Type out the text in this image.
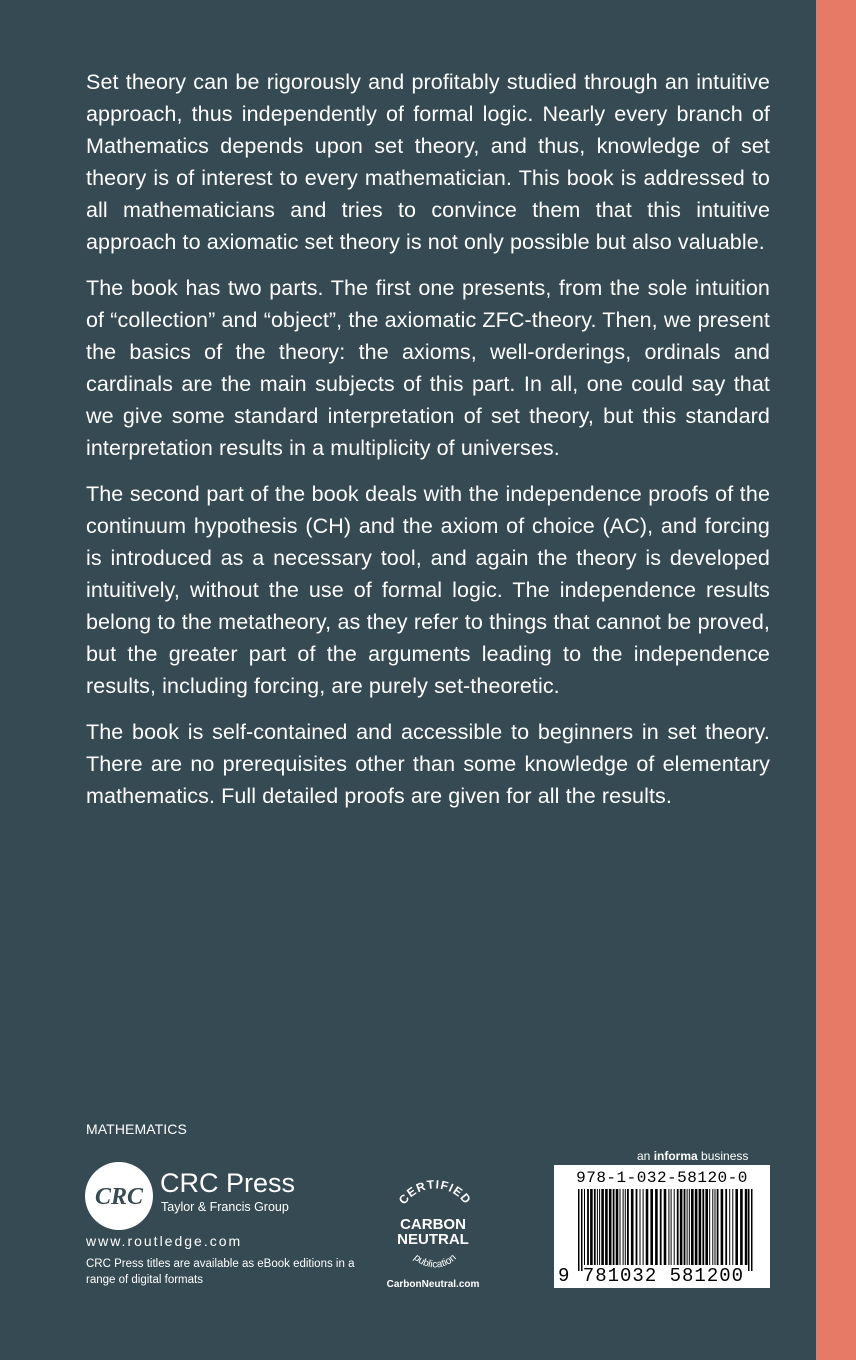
Set theory can be rigorously and profitably studied through an intuitive approach, thus independently of formal logic. Nearly every branch of Mathematics depends upon set theory, and thus, knowledge of set theory is of interest to every mathematician. This book is addressed to all mathematicians and tries to convince them that this intuitive approach to axiomatic set theory is not only possible but also valuable.

The book has two parts. The first one presents, from the sole intuition of “collection” and “object”, the axiomatic ZFC-theory. Then, we present the basics of the theory: the axioms, well-orderings, ordinals and cardinals are the main subjects of this part. In all, one could say that we give some standard interpretation of set theory, but this standard interpretation results in a multiplicity of universes.

The second part of the book deals with the independence proofs of the continuum hypothesis (CH) and the axiom of choice (AC), and forcing is introduced as a necessary tool, and again the theory is developed intuitively, without the use of formal logic. The independence results belong to the metatheory, as they refer to things that cannot be proved, but the greater part of the arguments leading to the independence results, including forcing, are purely set-theoretic.

The book is self-contained and accessible to beginners in set theory. There are no prerequisites other than some knowledge of elementary mathematics. Full detailed proofs are given for all the results.

MATHEMATICS
CRC CRC Press
Taylor & Francis Group
www.routledge.com
CRC Press titles are available as eBook editions in a range of digital formats
CERTIFIED
CARBON
NEUTRAL
publication
CarbonNeutral.com
an informa business
978-1-032-58120-0
9 781032 581200
